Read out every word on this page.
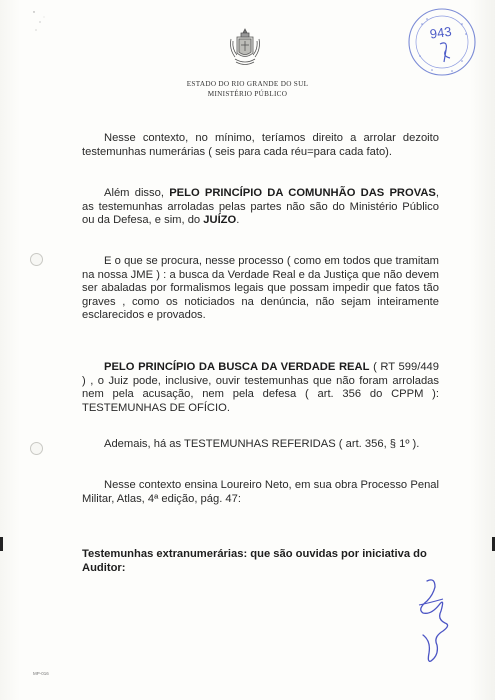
ESTADO DO RIO GRANDE DO SUL
MINISTÉRIO PÚBLICO
943

Nesse contexto, no mínimo, teríamos direito a arrolar dezoito testemunhas numerárias ( seis para cada réu=para cada fato).

Além disso, PELO PRINCÍPIO DA COMUNHÃO DAS PROVAS, as testemunhas arroladas pelas partes não são do Ministério Público ou da Defesa, e sim, do JUÍZO.

E o que se procura, nesse processo ( como em todos que tramitam na nossa JME ) : a busca da Verdade Real e da Justiça que não devem ser abaladas por formalismos legais que possam impedir que fatos tão graves , como os noticiados na denúncia, não sejam inteiramente esclarecidos e provados.

PELO PRINCÍPIO DA BUSCA DA VERDADE REAL ( RT 599/449 ) , o Juiz pode, inclusive, ouvir testemunhas que não foram arroladas nem pela acusação, nem pela defesa ( art. 356 do CPPM ): TESTEMUNHAS DE OFÍCIO.

Ademais, há as TESTEMUNHAS REFERIDAS ( art. 356, § 1º ).

Nesse contexto ensina Loureiro Neto, em sua obra Processo Penal Militar, Atlas, 4ª edição, pág. 47:

Testemunhas extranumerárias: que são ouvidas por iniciativa do Auditor:

MP-016
